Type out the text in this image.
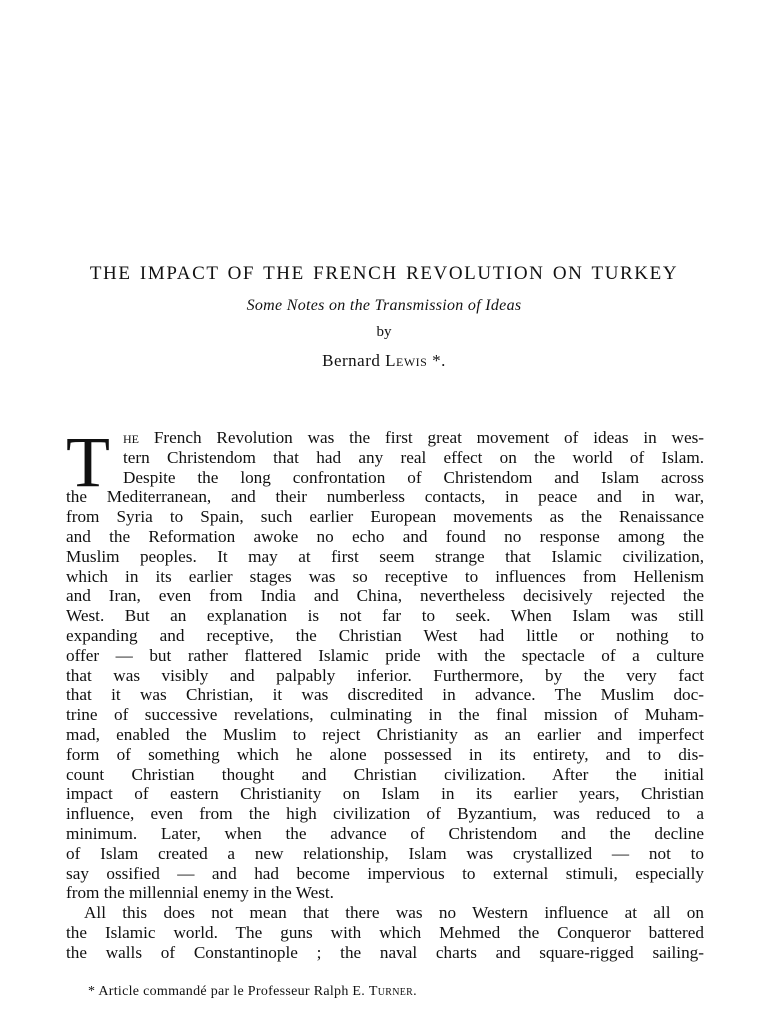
THE IMPACT OF THE FRENCH REVOLUTION ON TURKEY
Some Notes on the Transmission of Ideas
by
Bernard Lewis *.
T he French Revolution was the first great movement of ideas in wes-
tern Christendom that had any real effect on the world of Islam.
Despite the long confrontation of Christendom and Islam across
the Mediterranean, and their numberless contacts, in peace and in war,
from Syria to Spain, such earlier European movements as the Renaissance
and the Reformation awoke no echo and found no response among the
Muslim peoples. It may at first seem strange that Islamic civilization,
which in its earlier stages was so receptive to influences from Hellenism
and Iran, even from India and China, nevertheless decisively rejected the
West. But an explanation is not far to seek. When Islam was still
expanding and receptive, the Christian West had little or nothing to
offer — but rather flattered Islamic pride with the spectacle of a culture
that was visibly and palpably inferior. Furthermore, by the very fact
that it was Christian, it was discredited in advance. The Muslim doc-
trine of successive revelations, culminating in the final mission of Muham-
mad, enabled the Muslim to reject Christianity as an earlier and imperfect
form of something which he alone possessed in its entirety, and to dis-
count Christian thought and Christian civilization. After the initial
impact of eastern Christianity on Islam in its earlier years, Christian
influence, even from the high civilization of Byzantium, was reduced to a
minimum. Later, when the advance of Christendom and the decline
of Islam created a new relationship, Islam was crystallized — not to
say ossified — and had become impervious to external stimuli, especially
from the millennial enemy in the West.
All this does not mean that there was no Western influence at all on
the Islamic world. The guns with which Mehmed the Conqueror battered
the walls of Constantinople ; the naval charts and square-rigged sailing-
* Article commandé par le Professeur Ralph E. Turner.
